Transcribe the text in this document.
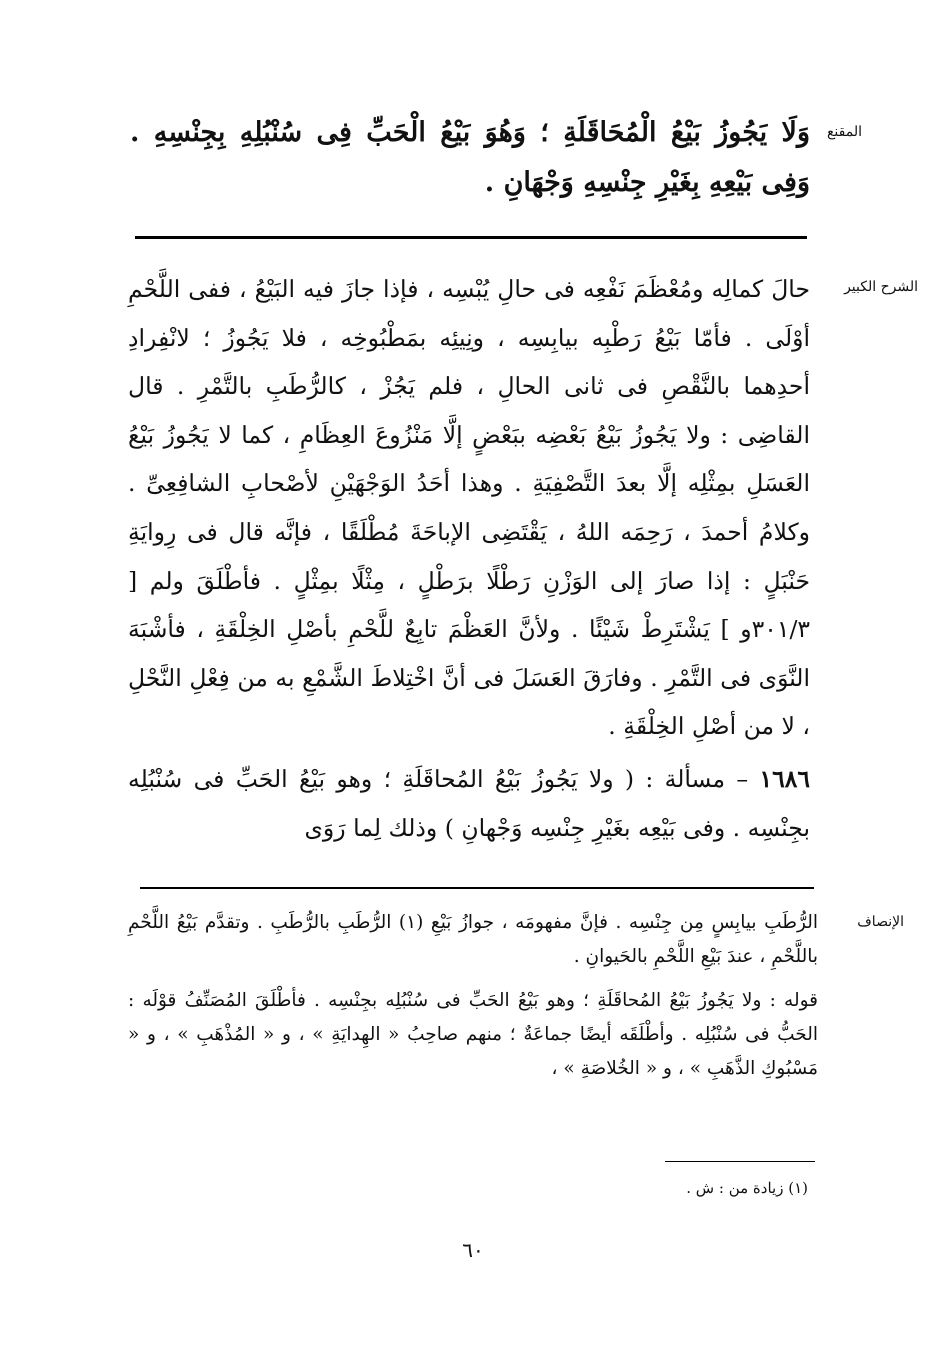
المقنع
وَلَا يَجُوزُ بَيْعُ الْمُحَاقَلَةِ ؛ وَهُوَ بَيْعُ الْحَبِّ فِى سُنْبُلِهِ بِجِنْسِهِ . وَفِى بَيْعِهِ بِغَيْرِ جِنْسِهِ وَجْهَانِ .
الشرح الكبير

حالَ كمالِه ومُعْظَمَ نَفْعِه فى حالِ يُبْسِه ، فإذا جازَ فيه البَيْعُ ، ففى اللَّحْمِ أوْلَى . فأمّا بَيْعُ رَطْبِه بيابِسِه ، ونِيئِه بمَطْبُوخِه ، فلا يَجُوزُ ؛ لانْفِرادِ أحدِهما بالنَّقْصِ فى ثانى الحالِ ، فلم يَجُزْ ، كالرُّطَبِ بالتَّمْرِ . قال القاضِى : ولا يَجُوزُ بَيْعُ بَعْضِه ببَعْضٍ إلَّا مَنْزُوعَ العِظَامِ ، كما لا يَجُوزُ بَيْعُ العَسَلِ بمِثْلِه إلَّا بعدَ التَّصْفِيَةِ . وهذا أحَدُ الوَجْهَيْنِ لأصْحابِ الشافِعِىِّ . وكلامُ أحمدَ ، رَحِمَه اللهُ ، يَقْتَضِى الإباحَةَ مُطْلَقًا ، فإنَّه قال فى رِوايَةِ حَنْبَلٍ : إذا صارَ إلى الوَزْنِ رَطْلًا برَطْلٍ ، مِثْلًا بمِثْلٍ . فأطْلَقَ ولم [ ٣٠١/٣و ] يَشْتَرِطْ شَيْئًا . ولأنَّ العَظْمَ تابِعٌ للَّحْمِ بأصْلِ الخِلْقَةِ ، فأشْبَهَ النَّوَى فى التَّمْرِ . وفارَقَ العَسَلَ فى أنَّ اخْتِلاطَ الشَّمْعِ به من فِعْلِ النَّحْلِ ، لا من أصْلِ الخِلْقَةِ .

١٦٨٦ – مسألة : ( ولا يَجُوزُ بَيْعُ المُحاقَلَةِ ؛ وهو بَيْعُ الحَبِّ فى سُنْبُلِه بجِنْسِه . وفى بَيْعِه بغَيْرِ جِنْسِه وَجْهانِ ) وذلك لِما رَوَى

الإنصاف

الرُّطَبِ بيابِسٍ مِن جِنْسِه . فإنَّ مفهومَه ، جوازُ بَيْعِ (١) الرُّطَبِ بالرُّطَبِ . وتقدَّم بَيْعُ اللَّحْمِ باللَّحْمِ ، عندَ بَيْعِ اللَّحْمِ بالحَيوانِ .

قوله : ولا يَجُوزُ بَيْعُ المُحاقَلَةِ ؛ وهو بَيْعُ الحَبِّ فى سُنْبُلِه بجِنْسِه . فأطْلَقَ المُصَنِّفُ قوْلَه : الحَبُّ فى سُنْبُلِه . وأطْلَقَه أيضًا جماعَةٌ ؛ منهم صاحِبُ « الهِدايَةِ » ، و « المُذْهَبِ » ، و « مَسْبُوكِ الذَّهَبِ » ، و « الخُلاصَةِ » ،

(١) زيادة من : ش .
٦٠
